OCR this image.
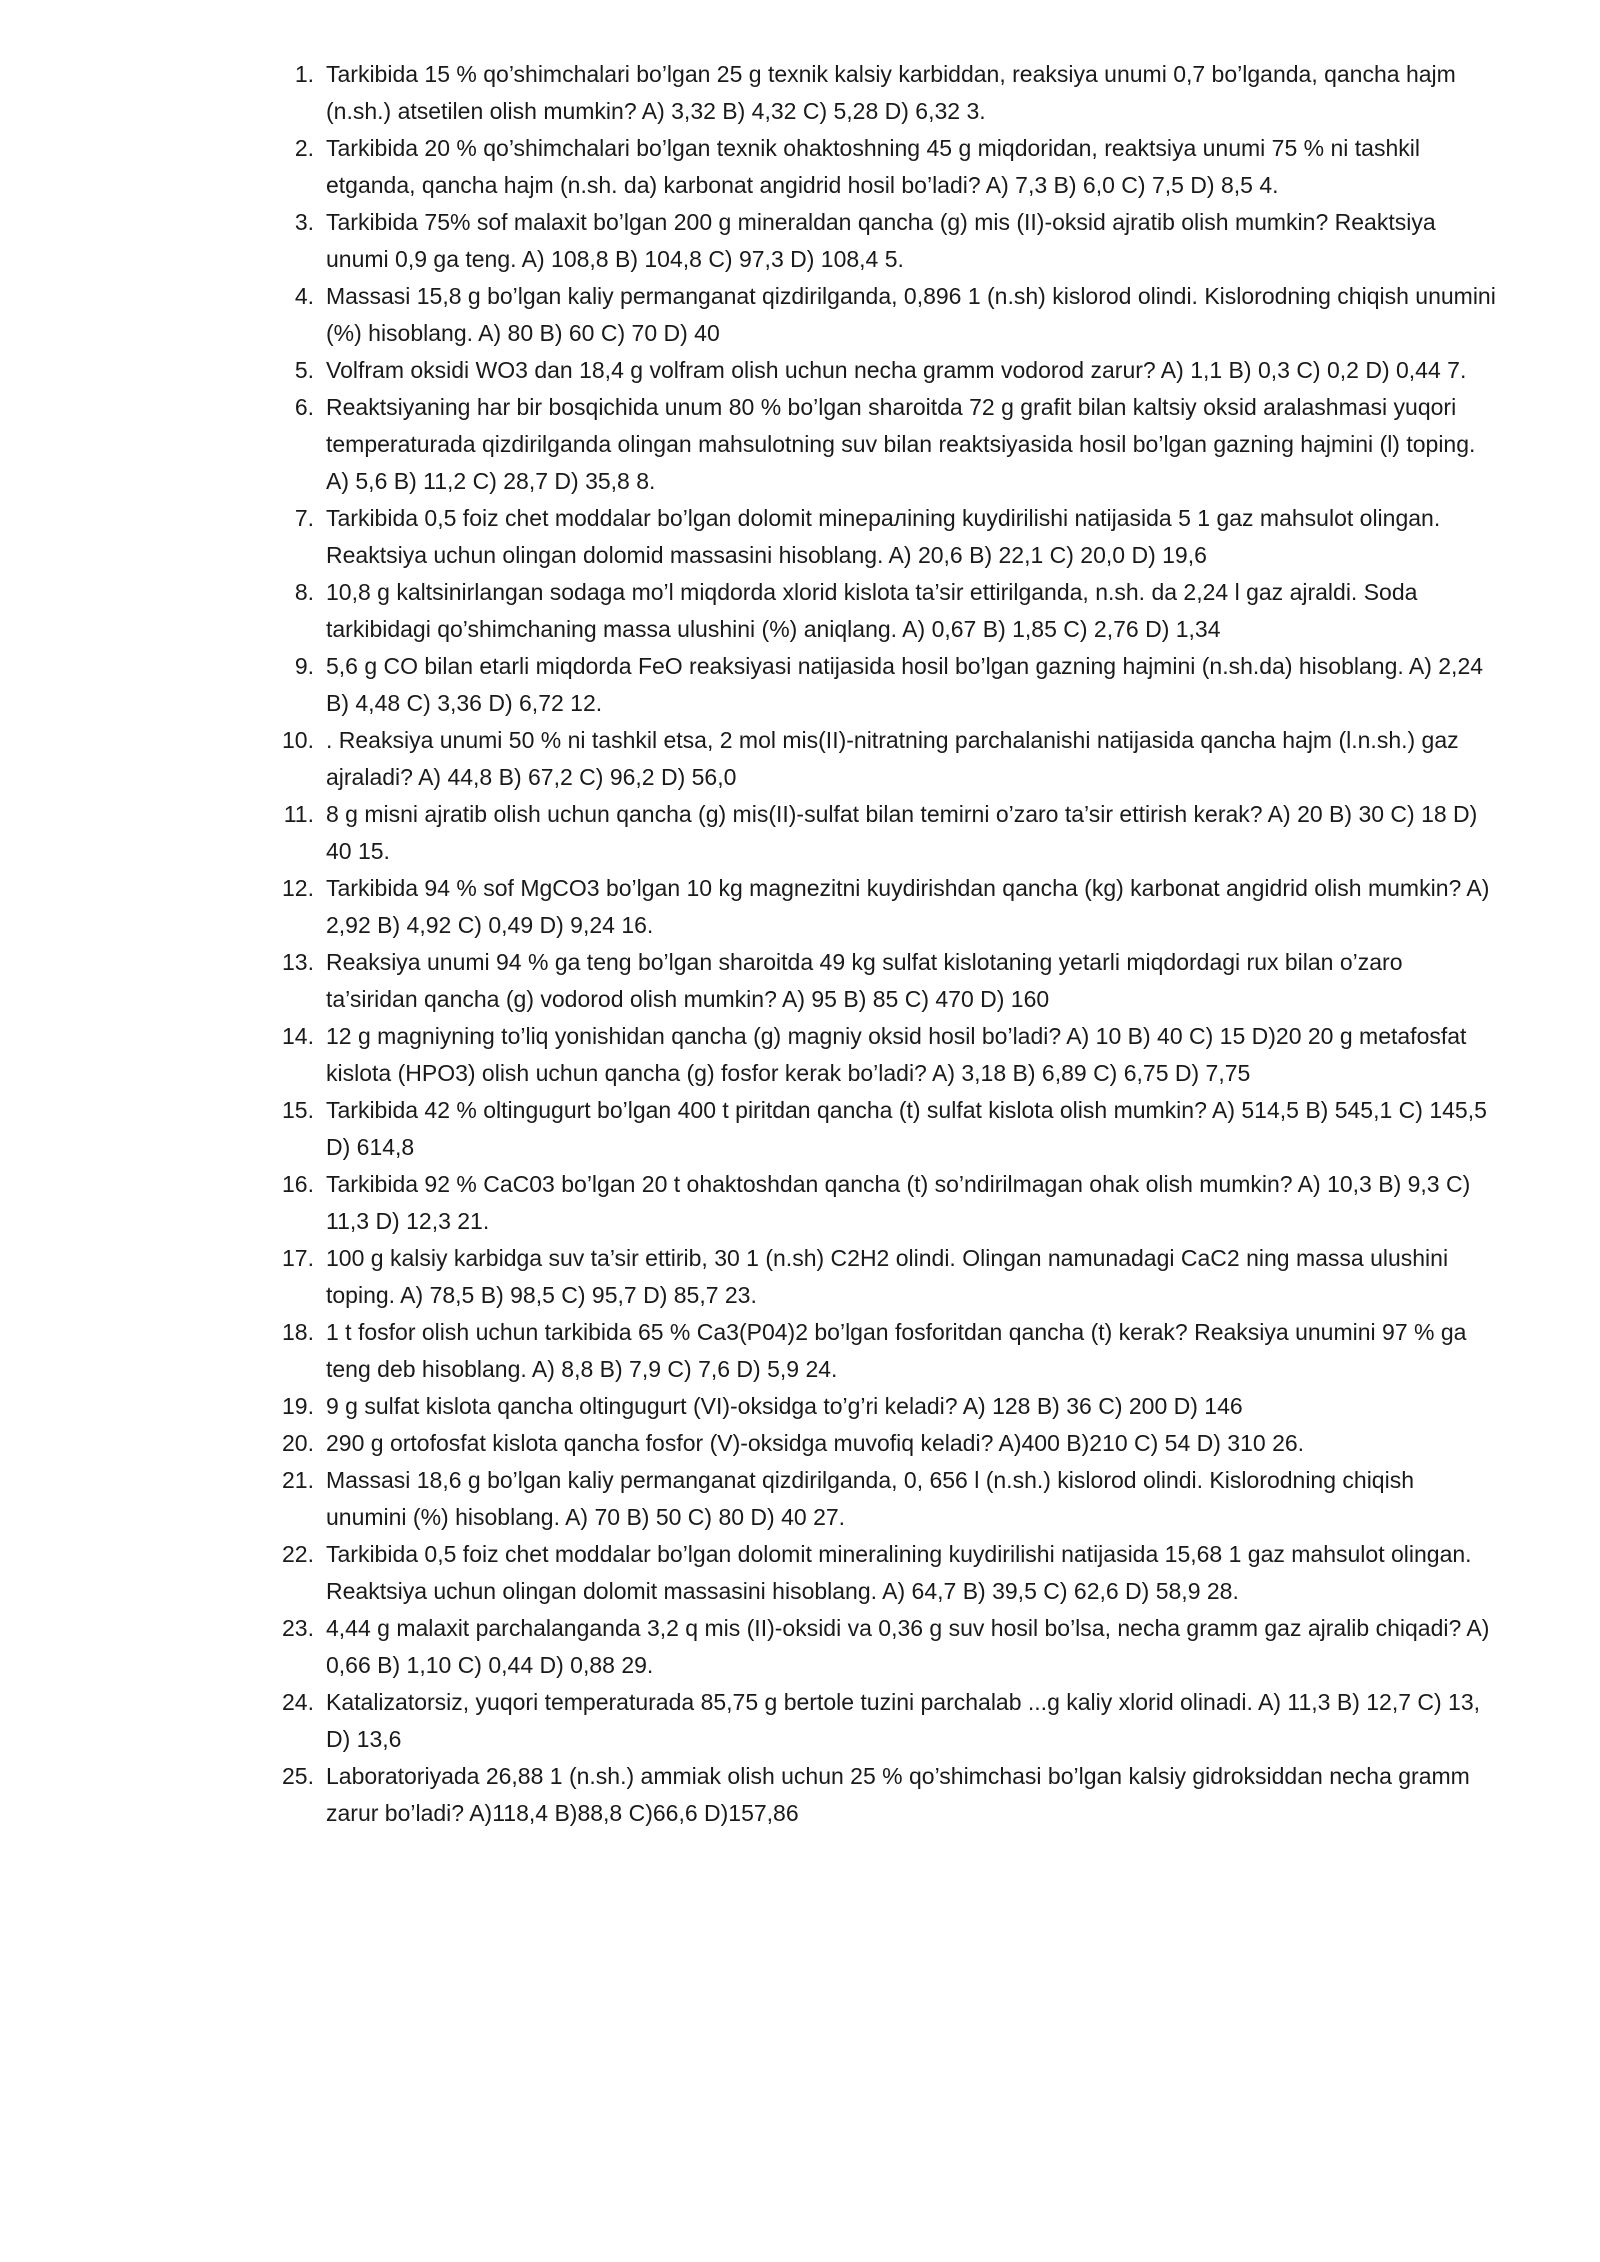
1. Tarkibida 15 % qo’shimchalari bo’lgan 25 g texnik kalsiy karbiddan, reaksiya unumi 0,7 bo’lganda, qancha hajm (n.sh.) atsetilen olish mumkin? A) 3,32 B) 4,32 C) 5,28 D) 6,32 3.
2. Tarkibida 20 % qo’shimchalari bo’lgan texnik ohaktoshning 45 g miqdoridan, reaktsiya unumi 75 % ni tashkil etganda, qancha hajm (n.sh. da) karbonat angidrid hosil bo’ladi? A) 7,3 B) 6,0 C) 7,5 D) 8,5 4.
3. Tarkibida 75% sof malaxit bo’lgan 200 g mineraldan qancha (g) mis (II)-oksid ajratib olish mumkin? Reaktsiya unumi 0,9 ga teng. A) 108,8 B) 104,8 C) 97,3 D) 108,4 5.
4. Massasi 15,8 g bo’lgan kaliy permanganat qizdirilganda, 0,896 1 (n.sh) kislorod olindi. Kislorodning chiqish unumini (%) hisoblang. A) 80 B) 60 C) 70 D) 40
5. Volfram oksidi WO3 dan 18,4 g volfram olish uchun necha gramm vodorod zarur? A) 1,1 B) 0,3 C) 0,2 D) 0,44 7.
6. Reaktsiyaning har bir bosqichida unum 80 % bo’lgan sharoitda 72 g grafit bilan kaltsiy oksid aralashmasi yuqori temperaturada qizdirilganda olingan mahsulotning suv bilan reaktsiyasida hosil bo’lgan gazning hajmini (l) toping. A) 5,6 B) 11,2 C) 28,7 D) 35,8 8.
7. Tarkibida 0,5 foiz chet moddalar bo’lgan dolomit minералining kuydirilishi natijasida 5 1 gaz mahsulot olingan. Reaktsiya uchun olingan dolomid massasini hisoblang. A) 20,6 B) 22,1 C) 20,0 D) 19,6
8. 10,8 g kaltsinirlangan sodaga mo’l miqdorda xlorid kislota ta’sir ettirilganda, n.sh. da 2,24 l gaz ajraldi. Soda tarkibidagi qo’shimchaning massa ulushini (%) aniqlang. A) 0,67 B) 1,85 C) 2,76 D) 1,34
9. 5,6 g CO bilan etarli miqdorda FeO reaksiyasi natijasida hosil bo’lgan gazning hajmini (n.sh.da) hisoblang. A) 2,24 B) 4,48 C) 3,36 D) 6,72 12.
10. . Reaksiya unumi 50 % ni tashkil etsa, 2 mol mis(II)-nitratning parchalanishi natijasida qancha hajm (l.n.sh.) gaz ajraladi? A) 44,8 B) 67,2 C) 96,2 D) 56,0
11. 8 g misni ajratib olish uchun qancha (g) mis(II)-sulfat bilan temirni o’zaro ta’sir ettirish kerak? A) 20 B) 30 C) 18 D) 40 15.
12. Tarkibida 94 % sof MgCO3 bo’lgan 10 kg magnezitni kuydirishdan qancha (kg) karbonat angidrid olish mumkin? A) 2,92 B) 4,92 C) 0,49 D) 9,24 16.
13. Reaksiya unumi 94 % ga teng bo’lgan sharoitda 49 kg sulfat kislotaning yetarli miqdordagi rux bilan o’zaro ta’siridan qancha (g) vodorod olish mumkin? A) 95 B) 85 C) 470 D) 160
14. 12 g magniyning to’liq yonishidan qancha (g) magniy oksid hosil bo’ladi? A) 10 B) 40 C) 15 D)20 20 g metafosfat kislota (HPO3) olish uchun qancha (g) fosfor kerak bo’ladi? A) 3,18 B) 6,89 C) 6,75 D) 7,75
15. Tarkibida 42 % oltingugurt bo’lgan 400 t piritdan qancha (t) sulfat kislota olish mumkin? A) 514,5 B) 545,1 C) 145,5 D) 614,8
16. Tarkibida 92 % CaC03 bo’lgan 20 t ohaktoshdan qancha (t) so’ndirilmagan ohak olish mumkin? A) 10,3 B) 9,3 C) 11,3 D) 12,3 21.
17. 100 g kalsiy karbidga suv ta’sir ettirib, 30 1 (n.sh) C2H2 olindi. Olingan namunadagi CaC2 ning massa ulushini toping. A) 78,5 B) 98,5 C) 95,7 D) 85,7 23.
18. 1 t fosfor olish uchun tarkibida 65 % Ca3(P04)2 bo’lgan fosforitdan qancha (t) kerak? Reaksiya unumini 97 % ga teng deb hisoblang. A) 8,8 B) 7,9 C) 7,6 D) 5,9 24.
19. 9 g sulfat kislota qancha oltingugurt (VI)-oksidga to’g’ri keladi? A) 128 B) 36 C) 200 D) 146
20. 290 g ortofosfat kislota qancha fosfor (V)-oksidga muvofiq keladi? A)400 B)210 C) 54 D) 310 26.
21. Massasi 18,6 g bo’lgan kaliy permanganat qizdirilganda, 0, 656 l (n.sh.) kislorod olindi. Kislorodning chiqish unumini (%) hisoblang. A) 70 B) 50 C) 80 D) 40 27.
22. Tarkibida 0,5 foiz chet moddalar bo’lgan dolomit mineralining kuydirilishi natijasida 15,68 1 gaz mahsulot olingan. Reaktsiya uchun olingan dolomit massasini hisoblang. A) 64,7 B) 39,5 C) 62,6 D) 58,9 28.
23. 4,44 g malaxit parchalanganda 3,2 q mis (II)-oksidi va 0,36 g suv hosil bo’lsa, necha gramm gaz ajralib chiqadi? A) 0,66 B) 1,10 C) 0,44 D) 0,88 29.
24. Katalizatorsiz, yuqori temperaturada 85,75 g bertole tuzini parchalab ...g kaliy xlorid olinadi. A) 11,3 B) 12,7 C) 13, D) 13,6
25. Laboratoriyada 26,88 1 (n.sh.) ammiak olish uchun 25 % qo’shimchasi bo’lgan kalsiy gidroksiddan necha gramm zarur bo’ladi? A)118,4 B)88,8 C)66,6 D)157,86
